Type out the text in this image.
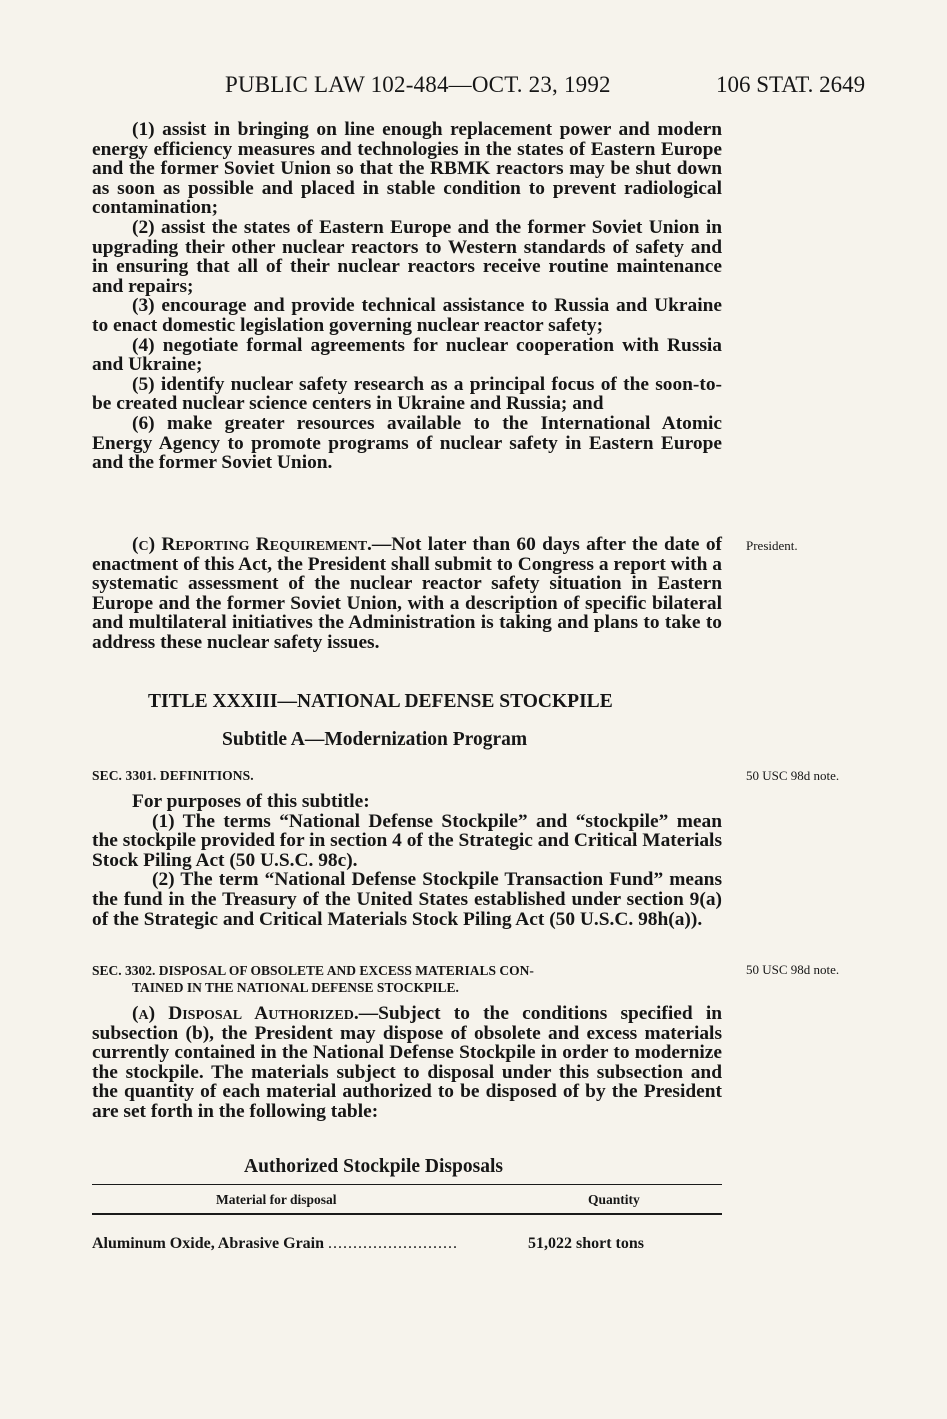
PUBLIC LAW 102-484—OCT. 23, 1992	106 STAT. 2649

(1) assist in bringing on line enough replacement power and modern energy efficiency measures and technologies in the states of Eastern Europe and the former Soviet Union so that the RBMK reactors may be shut down as soon as possible and placed in stable condition to prevent radiological contamination;

(2) assist the states of Eastern Europe and the former Soviet Union in upgrading their other nuclear reactors to Western standards of safety and in ensuring that all of their nuclear reactors receive routine maintenance and repairs;

(3) encourage and provide technical assistance to Russia and Ukraine to enact domestic legislation governing nuclear reactor safety;

(4) negotiate formal agreements for nuclear cooperation with Russia and Ukraine;

(5) identify nuclear safety research as a principal focus of the soon-to-be created nuclear science centers in Ukraine and Russia; and

(6) make greater resources available to the International Atomic Energy Agency to promote programs of nuclear safety in Eastern Europe and the former Soviet Union.

(c) Reporting Requirement.—Not later than 60 days after the date of enactment of this Act, the President shall submit to Congress a report with a systematic assessment of the nuclear reactor safety situation in Eastern Europe and the former Soviet Union, with a description of specific bilateral and multilateral initiatives the Administration is taking and plans to take to address these nuclear safety issues.

President.
TITLE XXXIII—NATIONAL DEFENSE STOCKPILE
Subtitle A—Modernization Program
SEC. 3301. DEFINITIONS.	50 USC 98d note.

For purposes of this subtitle:

(1) The terms “National Defense Stockpile” and “stockpile” mean the stockpile provided for in section 4 of the Strategic and Critical Materials Stock Piling Act (50 U.S.C. 98c).

(2) The term “National Defense Stockpile Transaction Fund” means the fund in the Treasury of the United States established under section 9(a) of the Strategic and Critical Materials Stock Piling Act (50 U.S.C. 98h(a)).

SEC. 3302. DISPOSAL OF OBSOLETE AND EXCESS MATERIALS CON-
TAINED IN THE NATIONAL DEFENSE STOCKPILE.
50 USC 98d note.

(a) Disposal Authorized.—Subject to the conditions specified in subsection (b), the President may dispose of obsolete and excess materials currently contained in the National Defense Stockpile in order to modernize the stockpile. The materials subject to disposal under this subsection and the quantity of each material authorized to be disposed of by the President are set forth in the following table:

Authorized Stockpile Disposals
Material for disposal	Quantity
Aluminum Oxide, Abrasive Grain ..........................	51,022 short tons
